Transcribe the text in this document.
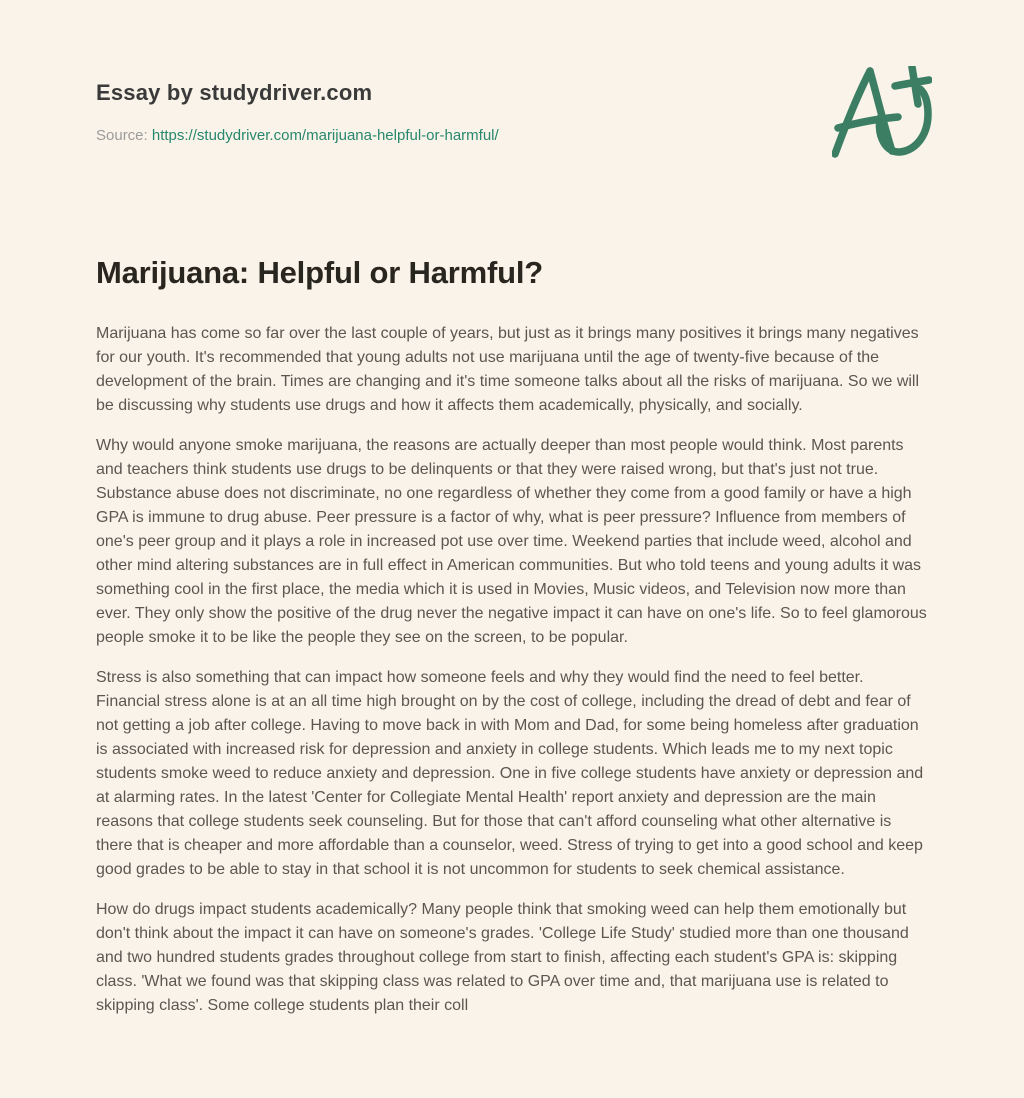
Essay by studydriver.com
Source: https://studydriver.com/marijuana-helpful-or-harmful/
Marijuana: Helpful or Harmful?

Marijuana has come so far over the last couple of years, but just as it brings many positives it brings many negatives for our youth. It's recommended that young adults not use marijuana until the age of twenty-five because of the development of the brain. Times are changing and it's time someone talks about all the risks of marijuana. So we will be discussing why students use drugs and how it affects them academically, physically, and socially.

Why would anyone smoke marijuana, the reasons are actually deeper than most people would think. Most parents and teachers think students use drugs to be delinquents or that they were raised wrong, but that's just not true. Substance abuse does not discriminate, no one regardless of whether they come from a good family or have a high GPA is immune to drug abuse. Peer pressure is a factor of why, what is peer pressure? Influence from members of one's peer group and it plays a role in increased pot use over time. Weekend parties that include weed, alcohol and other mind altering substances are in full effect in American communities. But who told teens and young adults it was something cool in the first place, the media which it is used in Movies, Music videos, and Television now more than ever. They only show the positive of the drug never the negative impact it can have on one's life. So to feel glamorous people smoke it to be like the people they see on the screen, to be popular.

Stress is also something that can impact how someone feels and why they would find the need to feel better. Financial stress alone is at an all time high brought on by the cost of college, including the dread of debt and fear of not getting a job after college. Having to move back in with Mom and Dad, for some being homeless after graduation is associated with increased risk for depression and anxiety in college students. Which leads me to my next topic students smoke weed to reduce anxiety and depression. One in five college students have anxiety or depression and at alarming rates. In the latest 'Center for Collegiate Mental Health' report anxiety and depression are the main reasons that college students seek counseling. But for those that can't afford counseling what other alternative is there that is cheaper and more affordable than a counselor, weed. Stress of trying to get into a good school and keep good grades to be able to stay in that school it is not uncommon for students to seek chemical assistance.

How do drugs impact students academically? Many people think that smoking weed can help them emotionally but don't think about the impact it can have on someone's grades. 'College Life Study' studied more than one thousand and two hundred students grades throughout college from start to finish, affecting each student's GPA is: skipping class. 'What we found was that skipping class was related to GPA over time and, that marijuana use is related to skipping class'. Some college students plan their coll
